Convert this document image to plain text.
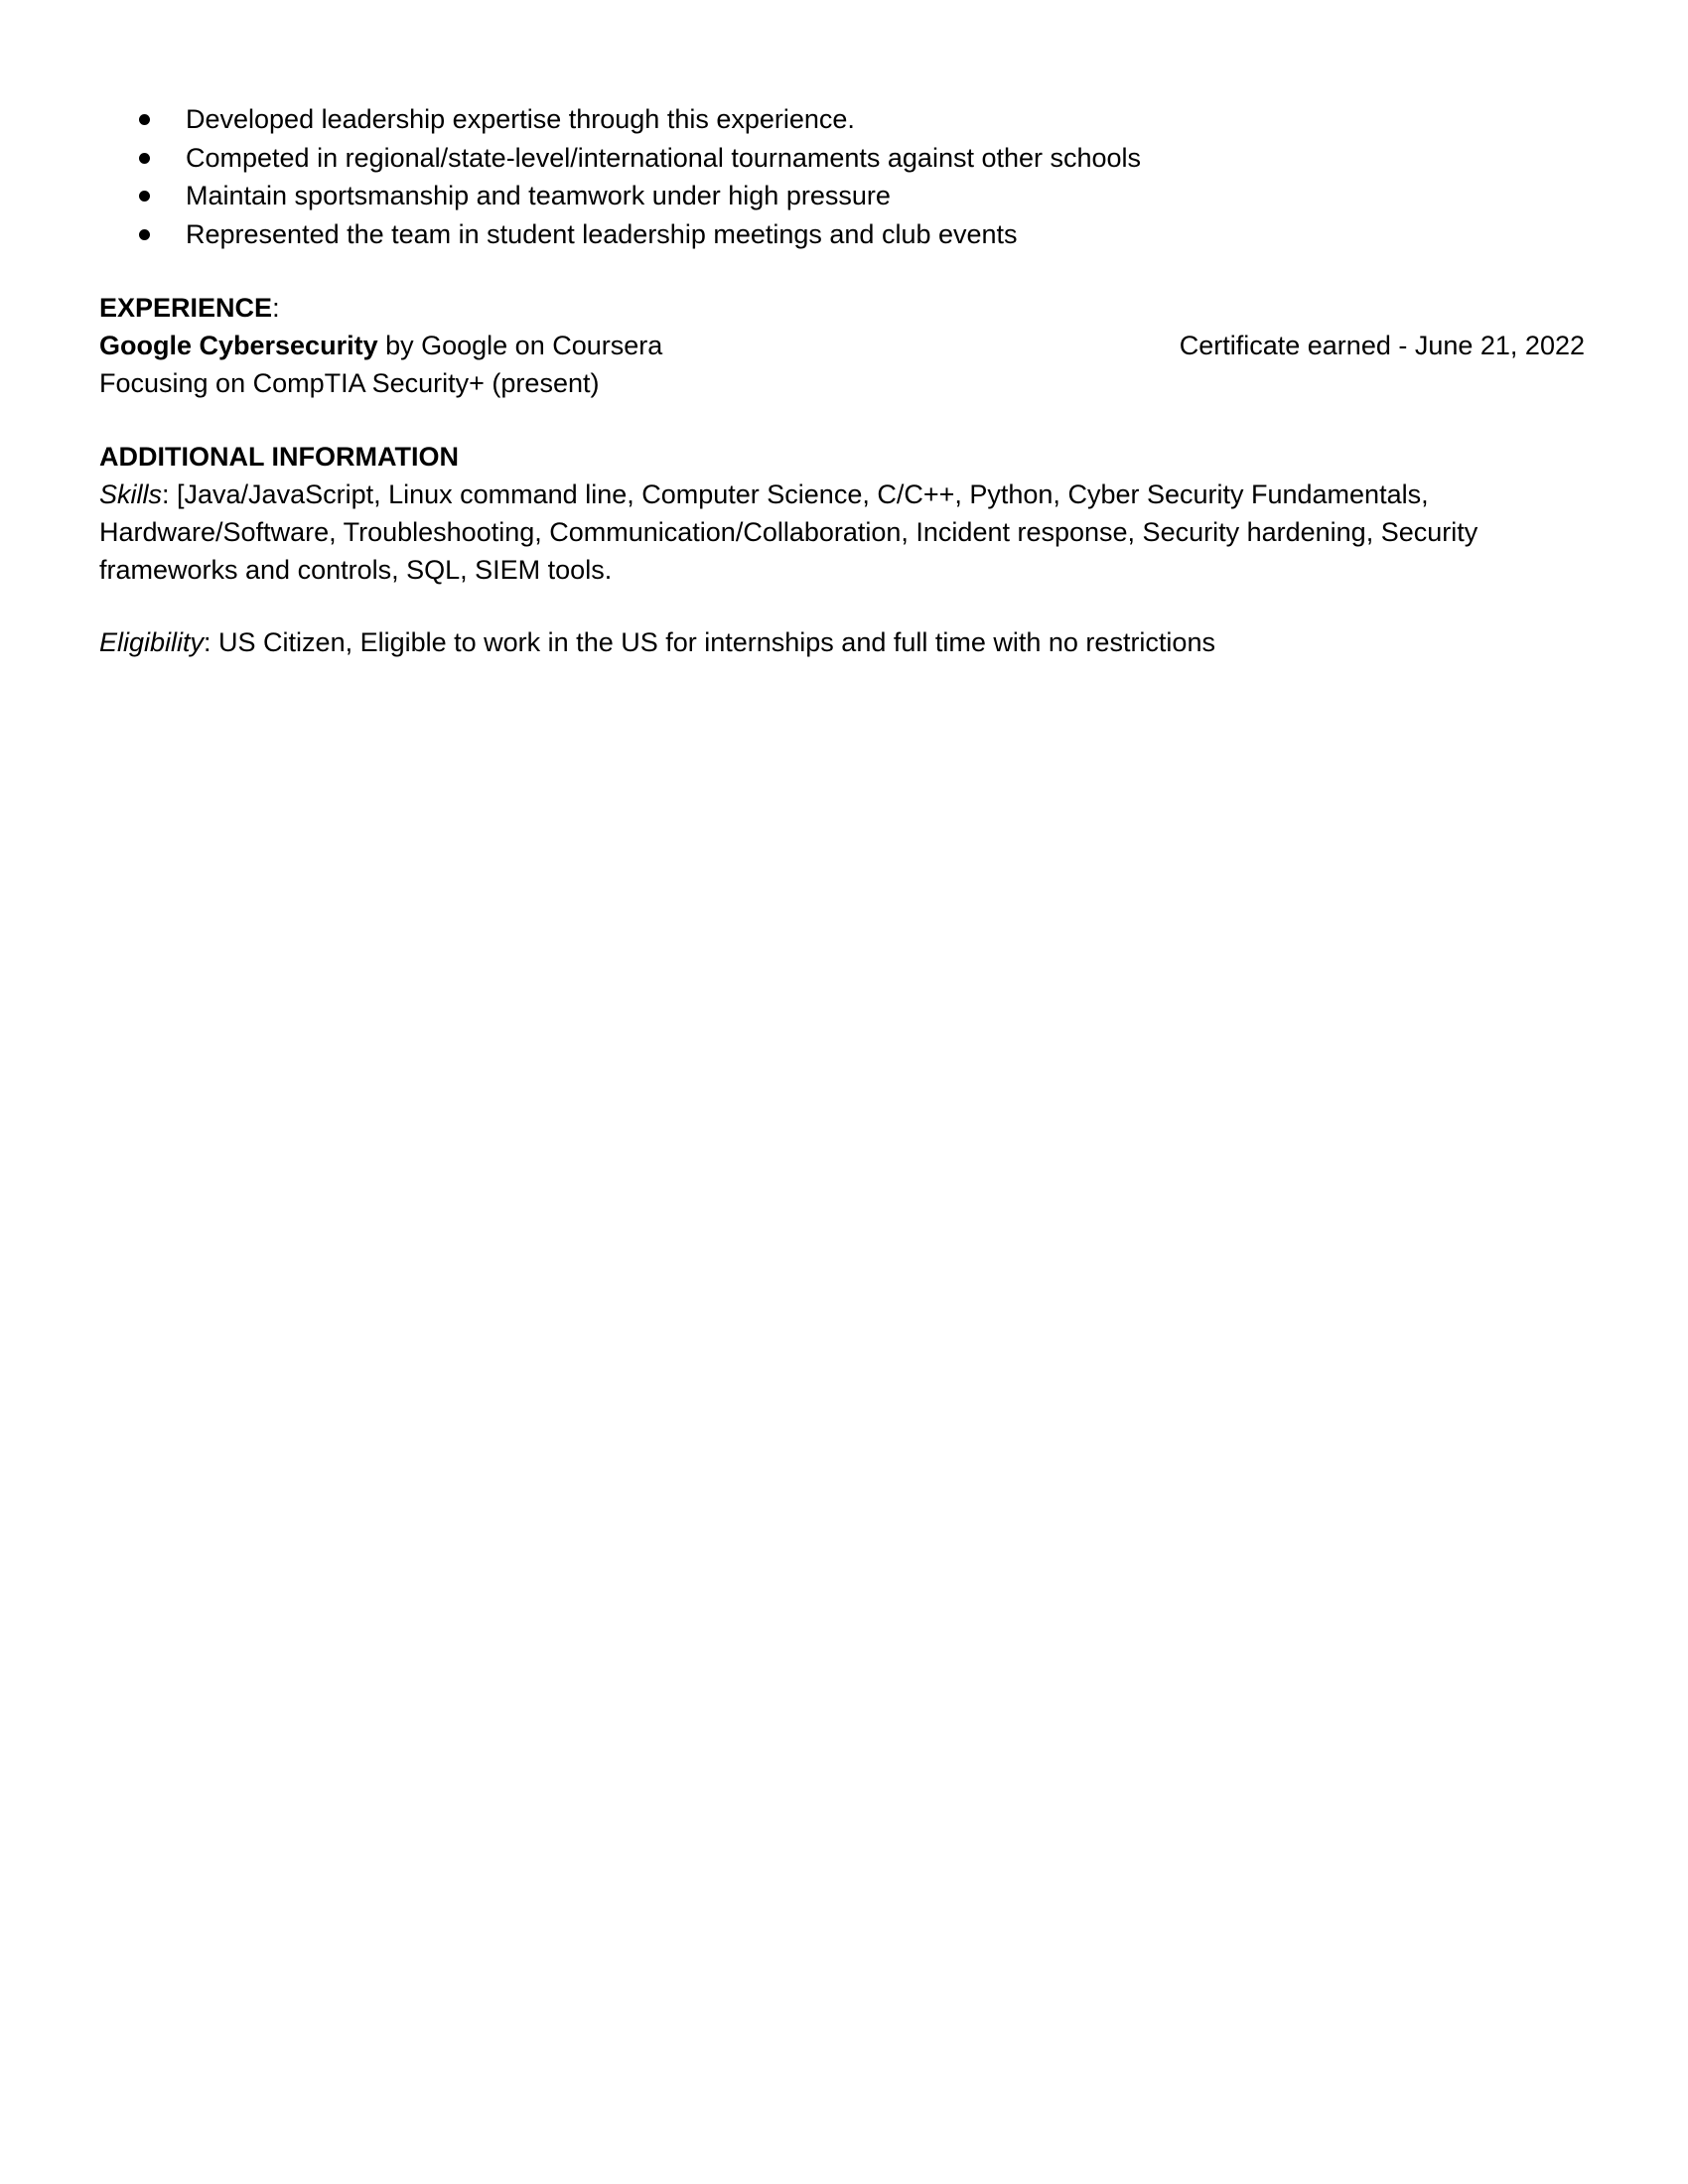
Developed leadership expertise through this experience.
Competed in regional/state-level/international tournaments against other schools
Maintain sportsmanship and teamwork under high pressure
Represented the team in student leadership meetings and club events
EXPERIENCE:
Google Cybersecurity by Google on Coursera	Certificate earned - June 21, 2022
Focusing on CompTIA Security+ (present)
ADDITIONAL INFORMATION
Skills: [Java/JavaScript, Linux command line, Computer Science, C/C++, Python, Cyber Security Fundamentals, Hardware/Software, Troubleshooting, Communication/Collaboration, Incident response, Security hardening, Security frameworks and controls, SQL, SIEM tools.
Eligibility: US Citizen, Eligible to work in the US for internships and full time with no restrictions
